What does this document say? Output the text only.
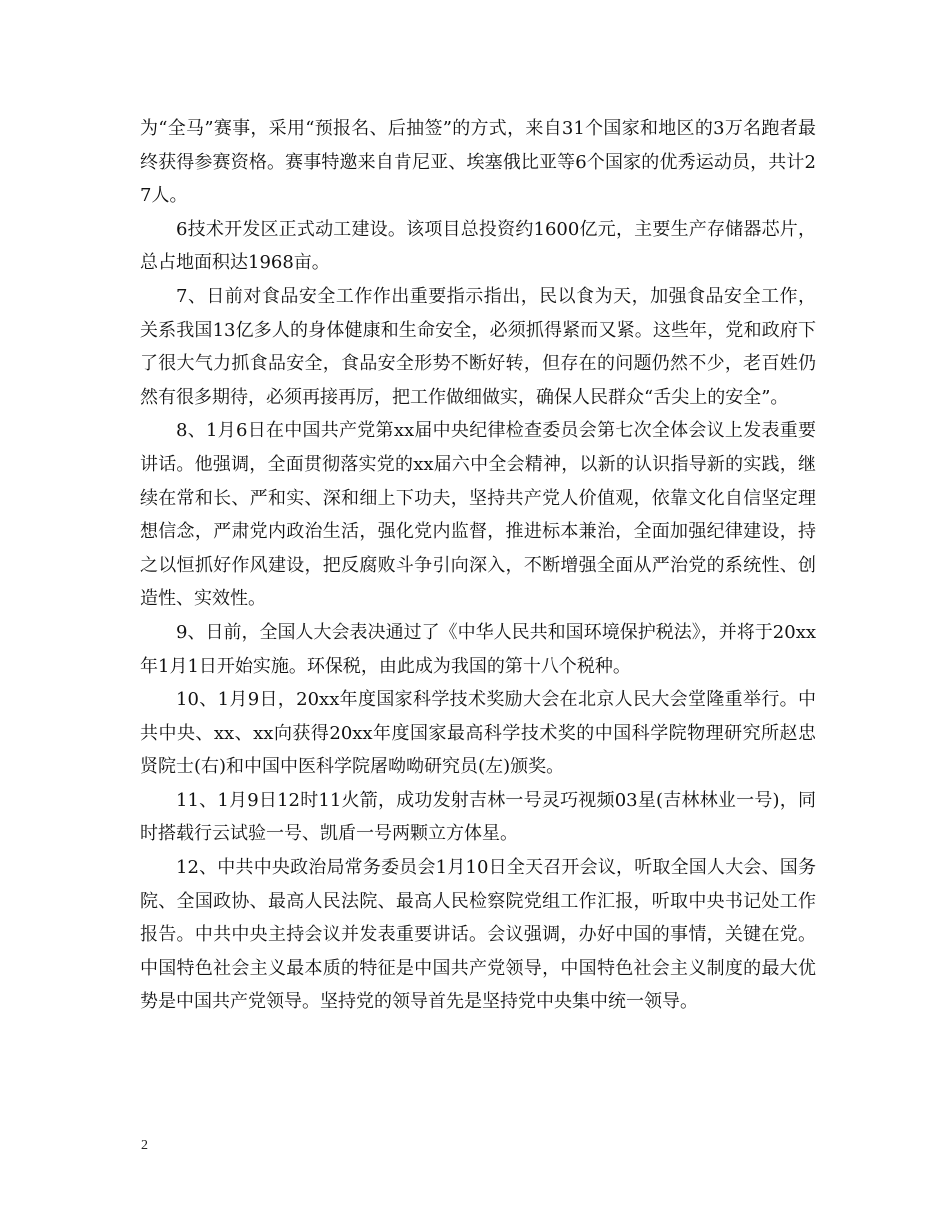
为“全马”赛事，采用“预报名、后抽签”的方式，来自31个国家和地区的3万名跑者最终获得参赛资格。赛事特邀来自肯尼亚、埃塞俄比亚等6个国家的优秀运动员，共计27人。

6技术开发区正式动工建设。该项目总投资约1600亿元，主要生产存储器芯片，总占地面积达1968亩。

7、日前对食品安全工作作出重要指示指出，民以食为天，加强食品安全工作，关系我国13亿多人的身体健康和生命安全，必须抓得紧而又紧。这些年，党和政府下了很大气力抓食品安全，食品安全形势不断好转，但存在的问题仍然不少，老百姓仍然有很多期待，必须再接再厉，把工作做细做实，确保人民群众“舌尖上的安全”。

8、1月6日在中国共产党第xx届中央纪律检查委员会第七次全体会议上发表重要讲话。他强调，全面贯彻落实党的xx届六中全会精神，以新的认识指导新的实践，继续在常和长、严和实、深和细上下功夫，坚持共产党人价值观，依靠文化自信坚定理想信念，严肃党内政治生活，强化党内监督，推进标本兼治，全面加强纪律建设，持之以恒抓好作风建设，把反腐败斗争引向深入，不断增强全面从严治党的系统性、创造性、实效性。

9、日前，全国人大会表决通过了《中华人民共和国环境保护税法》，并将于20xx年1月1日开始实施。环保税，由此成为我国的第十八个税种。

10、1月9日，20xx年度国家科学技术奖励大会在北京人民大会堂隆重举行。中共中央、xx、xx向获得20xx年度国家最高科学技术奖的中国科学院物理研究所赵忠贤院士(右)和中国中医科学院屠呦呦研究员(左)颁奖。

11、1月9日12时11火箭，成功发射吉林一号灵巧视频03星(吉林林业一号)，同时搭载行云试验一号、凯盾一号两颗立方体星。

12、中共中央政治局常务委员会1月10日全天召开会议，听取全国人大会、国务院、全国政协、最高人民法院、最高人民检察院党组工作汇报，听取中央书记处工作报告。中共中央主持会议并发表重要讲话。会议强调，办好中国的事情，关键在党。中国特色社会主义最本质的特征是中国共产党领导，中国特色社会主义制度的最大优势是中国共产党领导。坚持党的领导首先是坚持党中央集中统一领导。

2
